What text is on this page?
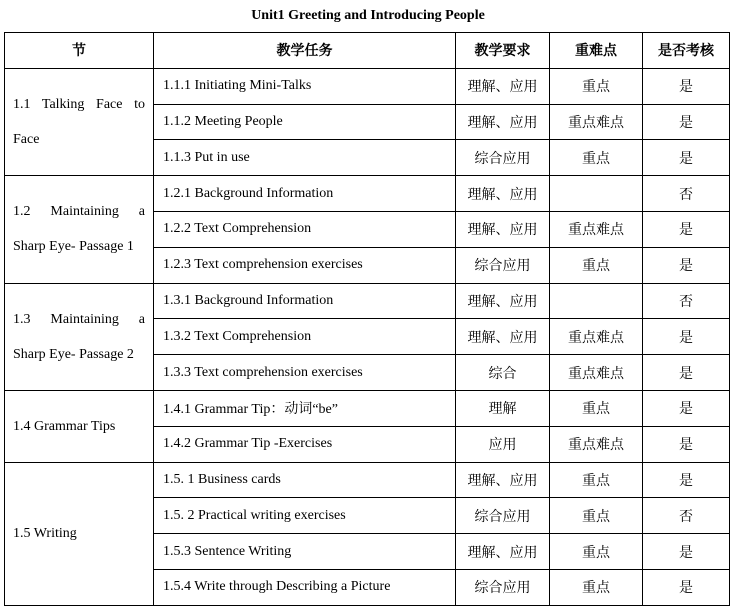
Unit1 Greeting and Introducing People
节	教学任务	教学要求	重难点	是否考核
1.1 Talking Face to Face	1.1.1 Initiating Mini-Talks	理解、应用	重点	是
	1.1.2 Meeting People	理解、应用	重点难点	是
	1.1.3 Put in use	综合应用	重点	是
1.2 Maintaining a Sharp Eye- Passage 1	1.2.1 Background Information	理解、应用		否
	1.2.2 Text Comprehension	理解、应用	重点难点	是
	1.2.3 Text comprehension exercises	综合应用	重点	是
1.3 Maintaining a Sharp Eye- Passage 2	1.3.1 Background Information	理解、应用		否
	1.3.2 Text Comprehension	理解、应用	重点难点	是
	1.3.3 Text comprehension exercises	综合	重点难点	是
1.4 Grammar Tips	1.4.1 Grammar Tip：动词“be”	理解	重点	是
	1.4.2 Grammar Tip -Exercises	应用	重点难点	是
1.5 Writing	1.5. 1 Business cards	理解、应用	重点	是
	1.5. 2 Practical writing exercises	综合应用	重点	否
	1.5.3 Sentence Writing	理解、应用	重点	是
	1.5.4 Write through Describing a Picture	综合应用	重点	是
